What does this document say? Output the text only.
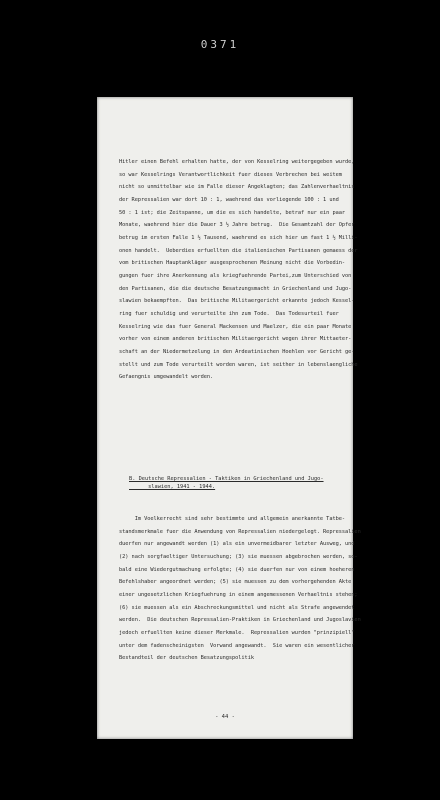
0371
Hitler einen Befehl erhalten hatte, der von Kesselring weitergegeben wurde,
so war Kesselrings Verantwortlichkeit fuer dieses Verbrechen bei weitem
nicht so unmittelbar wie im Falle dieser Angeklagten; das Zahlenverhaeltnis
der Repressalien war dort 10 : 1, waehrend das vorliegende 100 : 1 und
50 : 1 ist; die Zeitspanne, um die es sich handelte, betraf nur ein paar
Monate, waehrend hier die Dauer 3 ½ Jahre betrug.  Die Gesamtzahl der Opfer
betrug im ersten Falle 1 ½ Tausend, waehrend es sich hier um fast 1 ½ Milli-
onen handelt.  Ueberdies erfuellten die italienischen Partisanen gemaess der
vom britischen Hauptankläger ausgesprochenen Meinung nicht die Vorbedin-
gungen fuer ihre Anerkennung als kriegfuehrende Partei,zum Unterschied von
den Partisanen, die die deutsche Besatzungsmacht in Griechenland und Jugo-
slawien bekaempften.  Das britische Militaergericht erkannte jedoch Kessel-
ring fuer schuldig und verurteilte ihn zum Tode.  Das Todesurteil fuer
Kesselring wie das fuer General Mackensen und Maelzer, die ein paar Monate
vorher von einem anderen britischen Militaergericht wegen ihrer Mittaeter-
schaft an der Niedermetzelung in den Ardeatinischen Hoehlen vor Gericht ge-
stellt und zum Tode verurteilt worden waren, ist seither in lebenslaengliche
Gefaengnis umgewandelt worden.
B. Deutsche Repressalien - Taktiken in Griechenland und Jugo-
slawien, 1941 - 1944.
Im Voelkerrecht sind sehr bestimmte und allgemein anerkannte Tatbe-
standsmerkmale fuer die Anwendung von Repressalien niedergelegt. Repressalien
duerfen nur angewandt werden (1) als ein unvermeidbarer letzter Ausweg, und
(2) nach sorgfaeltiger Untersuchung; (3) sie muessen abgebrochen werden, so-
bald eine Wiedergutmachung erfolgte; (4) sie duerfen nur von einem hoeheren
Befehlshaber angeordnet werden; (5) sie muessen zu dem vorhergehenden Akte
einer ungesetzlichen Kriegfuehrung in einem angemessenen Verhaeltnis stehen;
(6) sie muessen als ein Abschreckungsmittel und nicht als Strafe angewendet
werden.  Die deutschen Repressalien-Praktiken in Griechenland und Jugoslavien
jedoch erfuellten keine dieser Merkmale.  Repressalien wurden "prinzipiell"
unter dem fadenscheinigsten  Vorwand angewandt.  Sie waren ein wesentlicher
Bestandteil der deutschen Besatzungspolitik
- 44 -
